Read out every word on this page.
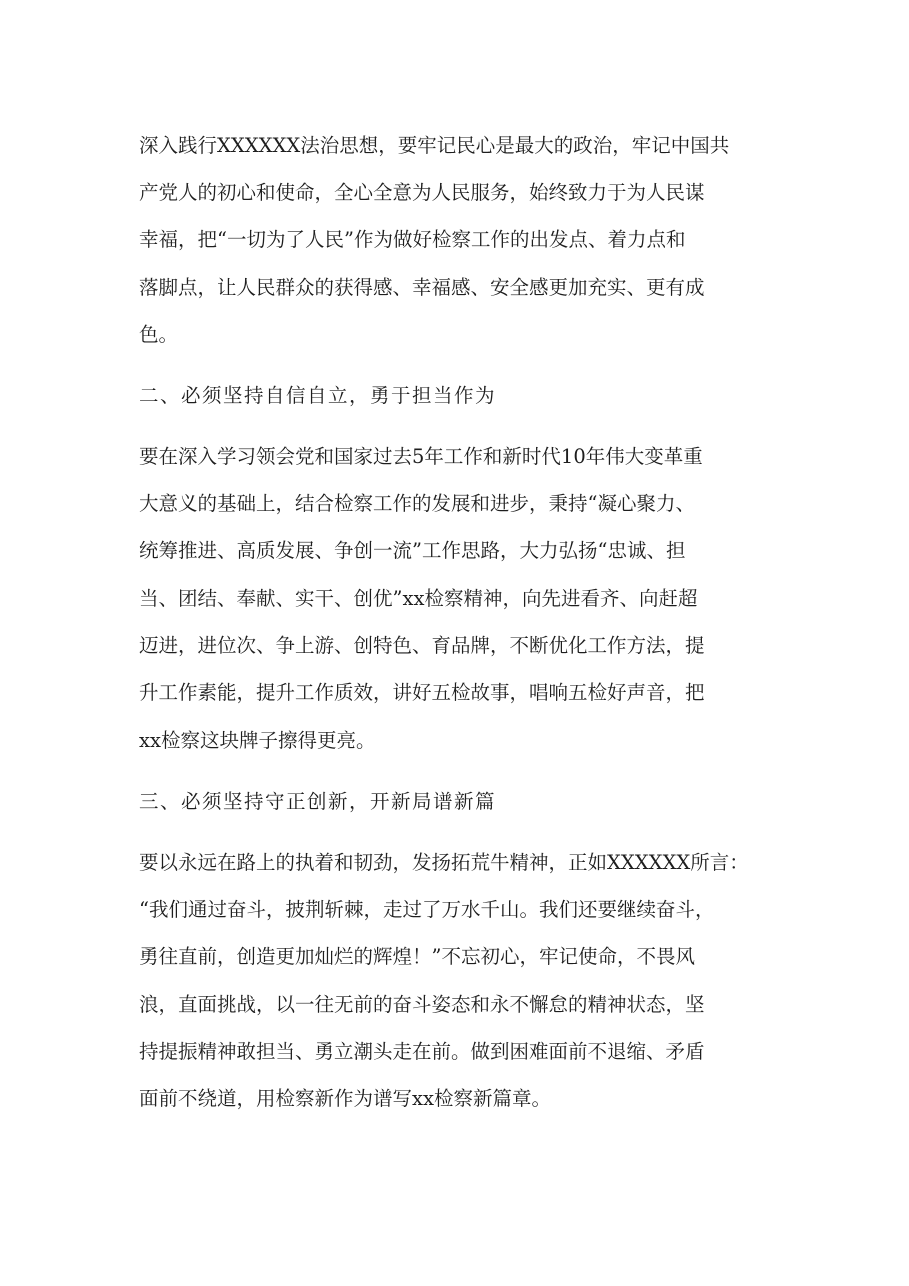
深入践行XXXXXX法治思想，要牢记民心是最大的政治，牢记中国共

产党人的初心和使命，全心全意为人民服务，始终致力于为人民谋

幸福，把“一切为了人民”作为做好检察工作的出发点、着力点和

落脚点，让人民群众的获得感、幸福感、安全感更加充实、更有成

色。

二、必须坚持自信自立，勇于担当作为

要在深入学习领会党和国家过去5年工作和新时代10年伟大变革重

大意义的基础上，结合检察工作的发展和进步，秉持“凝心聚力、

统筹推进、高质发展、争创一流”工作思路，大力弘扬“忠诚、担

当、团结、奉献、实干、创优”xx检察精神，向先进看齐、向赶超

迈进，进位次、争上游、创特色、育品牌，不断优化工作方法，提

升工作素能，提升工作质效，讲好五检故事，唱响五检好声音，把

xx检察这块牌子擦得更亮。

三、必须坚持守正创新，开新局谱新篇

要以永远在路上的执着和韧劲，发扬拓荒牛精神，正如XXXXXX所言：

“我们通过奋斗，披荆斩棘，走过了万水千山。我们还要继续奋斗，

勇往直前，创造更加灿烂的辉煌！”不忘初心，牢记使命，不畏风

浪，直面挑战，以一往无前的奋斗姿态和永不懈怠的精神状态，坚

持提振精神敢担当、勇立潮头走在前。做到困难面前不退缩、矛盾

面前不绕道，用检察新作为谱写xx检察新篇章。
